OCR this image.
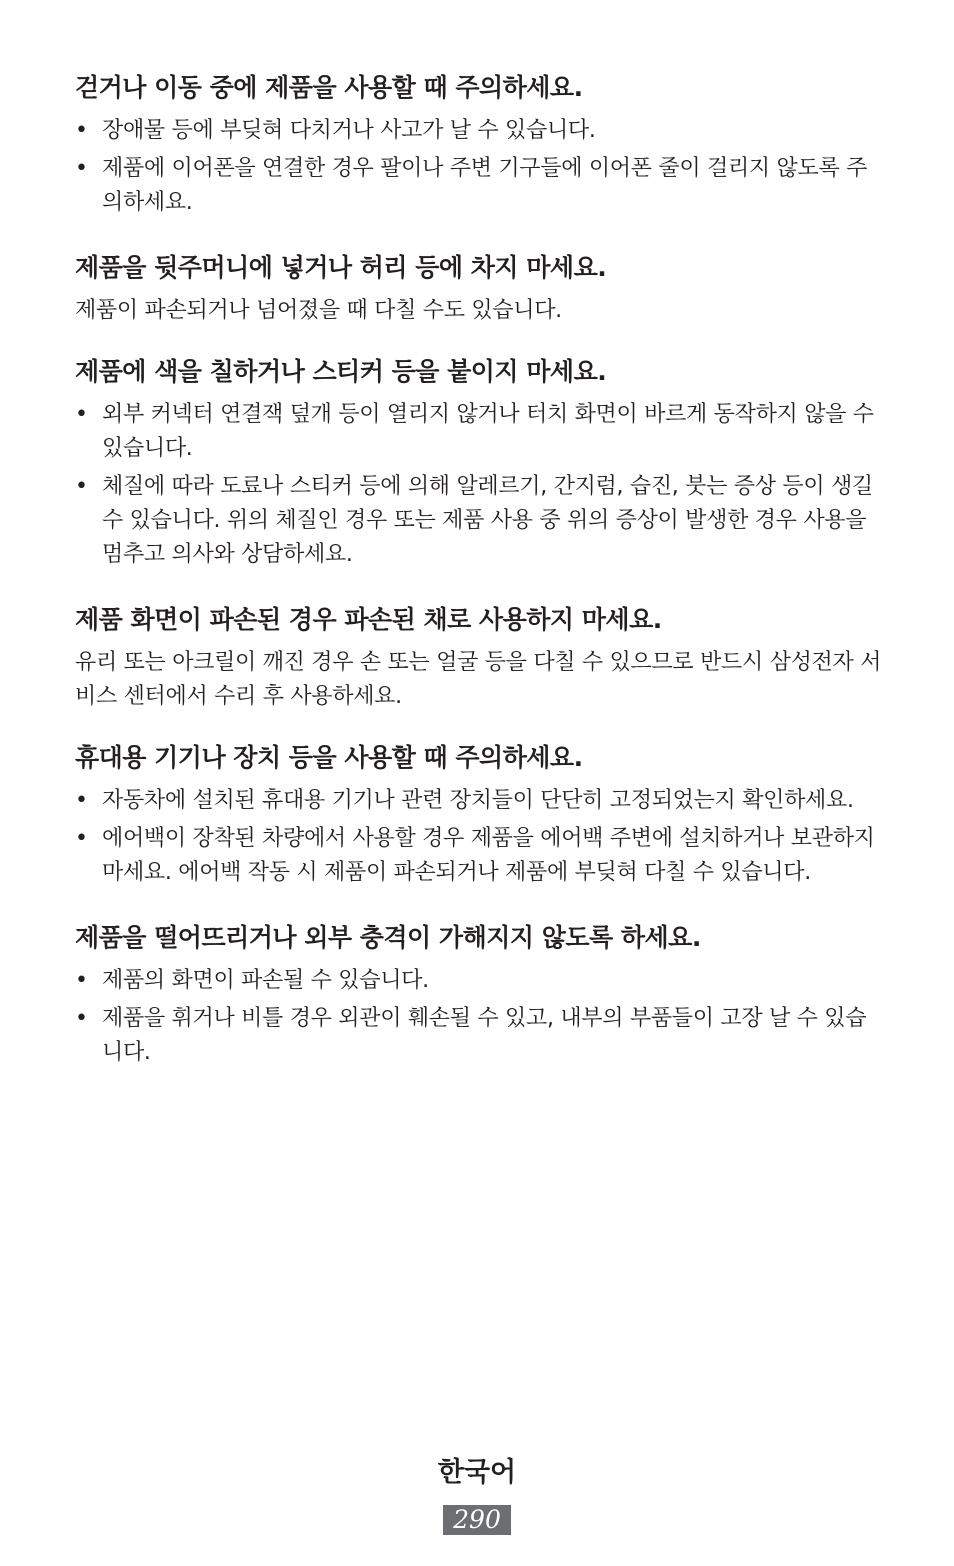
걷거나 이동 중에 제품을 사용할 때 주의하세요.
• 장애물 등에 부딪혀 다치거나 사고가 날 수 있습니다.
• 제품에 이어폰을 연결한 경우 팔이나 주변 기구들에 이어폰 줄이 걸리지 않도록 주의하세요.
제품을 뒷주머니에 넣거나 허리 등에 차지 마세요.

제품이 파손되거나 넘어졌을 때 다칠 수도 있습니다.

제품에 색을 칠하거나 스티커 등을 붙이지 마세요.
• 외부 커넥터 연결잭 덮개 등이 열리지 않거나 터치 화면이 바르게 동작하지 않을 수 있습니다.
• 체질에 따라 도료나 스티커 등에 의해 알레르기, 간지럼, 습진, 붓는 증상 등이 생길 수 있습니다. 위의 체질인 경우 또는 제품 사용 중 위의 증상이 발생한 경우 사용을 멈추고 의사와 상담하세요.
제품 화면이 파손된 경우 파손된 채로 사용하지 마세요.

유리 또는 아크릴이 깨진 경우 손 또는 얼굴 등을 다칠 수 있으므로 반드시 삼성전자 서비스 센터에서 수리 후 사용하세요.

휴대용 기기나 장치 등을 사용할 때 주의하세요.
• 자동차에 설치된 휴대용 기기나 관련 장치들이 단단히 고정되었는지 확인하세요.
• 에어백이 장착된 차량에서 사용할 경우 제품을 에어백 주변에 설치하거나 보관하지 마세요. 에어백 작동 시 제품이 파손되거나 제품에 부딪혀 다칠 수 있습니다.
제품을 떨어뜨리거나 외부 충격이 가해지지 않도록 하세요.
• 제품의 화면이 파손될 수 있습니다.
• 제품을 휘거나 비틀 경우 외관이 훼손될 수 있고, 내부의 부품들이 고장 날 수 있습니다.
한국어
290
